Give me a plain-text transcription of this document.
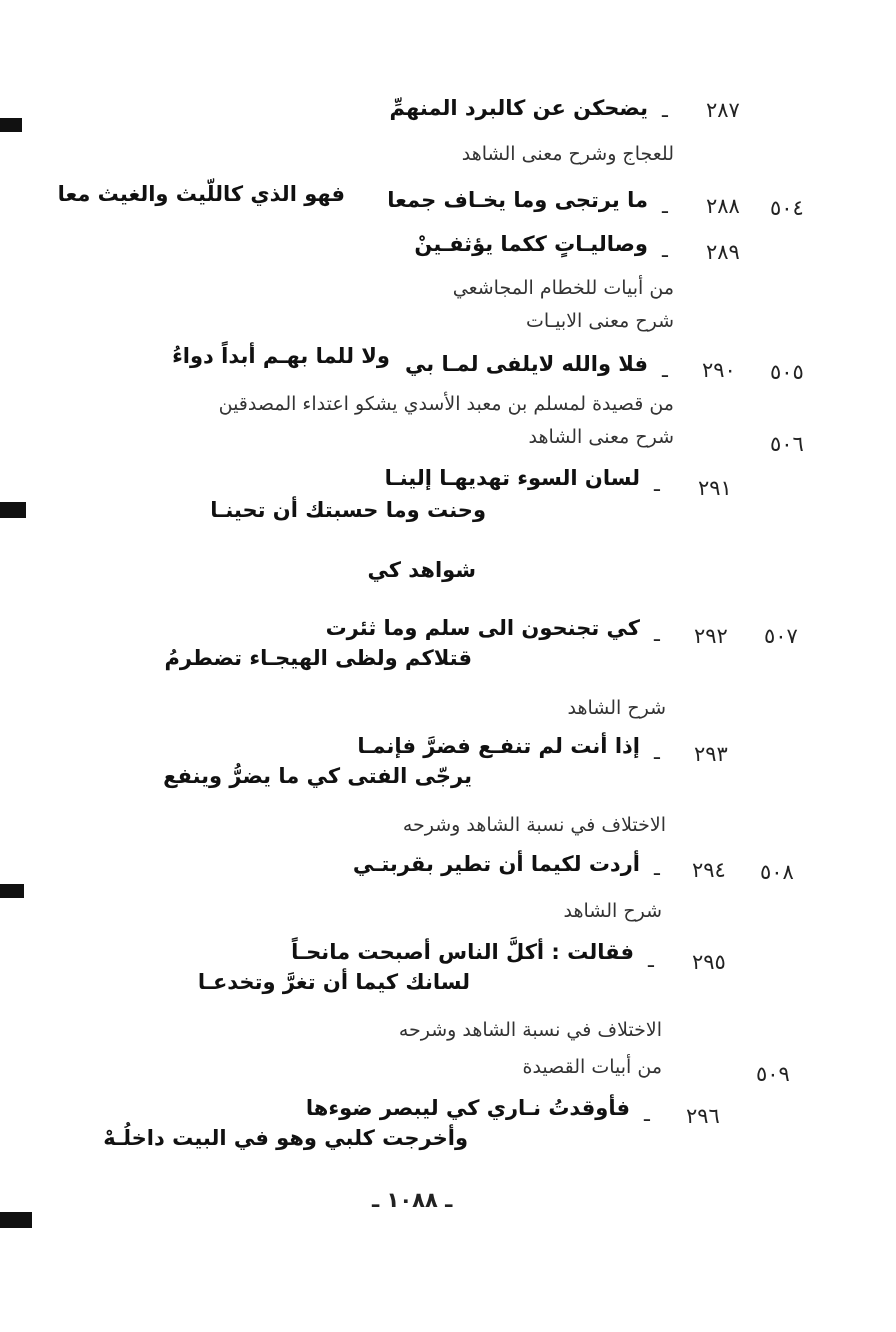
٢٨٧
ـ
يضحكن عن كالبرد المنهمِّ
للعجاج وشرح معنى الشاهد
٥٠٤
٢٨٨
ـ
ما يرتجى وما يخـاف جمعا
فهو الذي كاللّيث والغيث معا
٢٨٩
ـ
وصاليـاتٍ ككما يؤثفـينْ
من أبيات للخطام المجاشعي
شرح معنى الابيـات
٥٠٥
٢٩٠
ـ
فلا والله لايلفى لمـا بي
ولا للما بهـم أبداً دواءُ
من قصيدة لمسلم بن معبد الأسدي يشكو اعتداء المصدقين
٥٠٦
شرح معنى الشاهد
٢٩١
ـ
لسان السوء تهديهـا إلينـا
وحنت وما حسبتك أن تحينـا
شواهد كي
٥٠٧
٢٩٢
ـ
كي تجنحون الى سلم وما ثئرت
قتلاكم ولظى الهيجـاء تضطرمُ
شرح الشاهد
٢٩٣
ـ
إذا أنت لم تنفـع فضرَّ فإنمـا
يرجّى الفتى كي ما يضرُّ وينفع
الاختلاف في نسبة الشاهد وشرحه
٥٠٨
٢٩٤
ـ
أردت لكيما أن تطير بقربتـي
شرح الشاهد
٢٩٥
ـ
فقالت : أكلَّ الناس أصبحت مانحـاً
لسانك كيما أن تغرَّ وتخدعـا
الاختلاف في نسبة الشاهد وشرحه
٥٠٩
من أبيات القصيدة
٢٩٦
ـ
فأوقدتُ نـاري كي ليبصر ضوءها
وأخرجت كلبي وهو في البيت داخلُـهْ
ـ ١٠٨٨ ـ
